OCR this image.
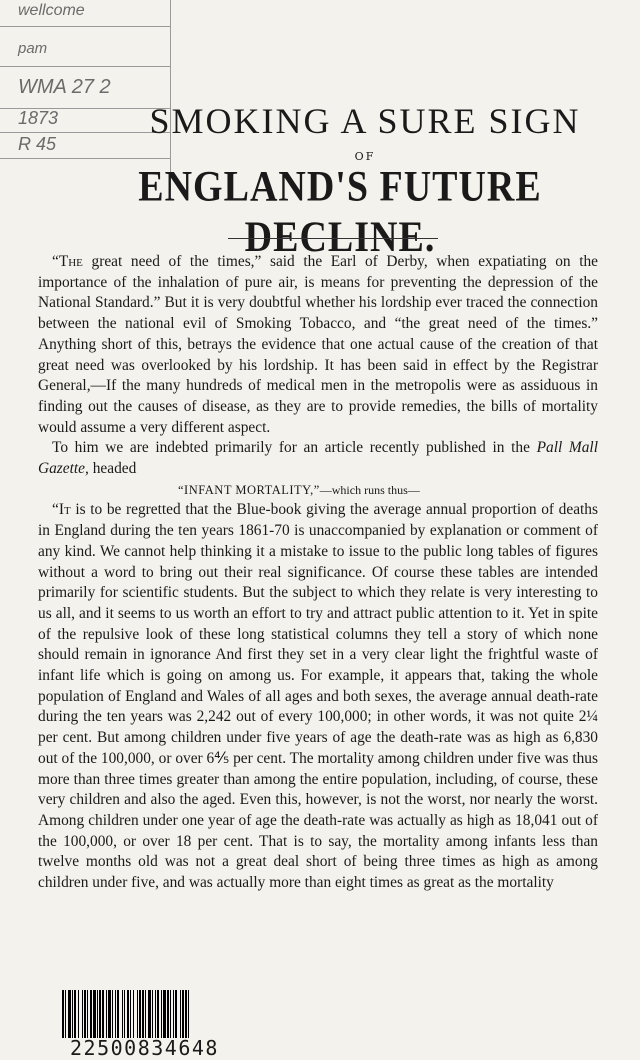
wellcome
pam
WMA 27 2
1873
R 45
SMOKING A SURE SIGN
OF
ENGLAND'S FUTURE DECLINE.

“The great need of the times,” said the Earl of Derby, when expatiating on the importance of the inhalation of pure air, is means for preventing the depression of the National Standard.” But it is very doubtful whether his lordship ever traced the connection between the national evil of Smoking Tobacco, and “the great need of the times.” Anything short of this, betrays the evidence that one actual cause of the creation of that great need was overlooked by his lordship. It has been said in effect by the Registrar General,—If the many hundreds of medical men in the metropolis were as assiduous in finding out the causes of disease, as they are to provide remedies, the bills of mortality would assume a very different aspect.

To him we are indebted primarily for an article recently published in the Pall Mall Gazette, headed

“INFANT MORTALITY,”—which runs thus—

“It is to be regretted that the Blue-book giving the average annual proportion of deaths in England during the ten years 1861-70 is unaccompanied by explanation or comment of any kind. We cannot help thinking it a mistake to issue to the public long tables of figures without a word to bring out their real significance. Of course these tables are intended primarily for scientific students. But the subject to which they relate is very interesting to us all, and it seems to us worth an effort to try and attract public attention to it. Yet in spite of the repulsive look of these long statistical columns they tell a story of which none should remain in ignorance And first they set in a very clear light the frightful waste of infant life which is going on among us. For example, it appears that, taking the whole population of England and Wales of all ages and both sexes, the average annual death-rate during the ten years was 2,242 out of every 100,000; in other words, it was not quite 2¼ per cent. But among children under five years of age the death-rate was as high as 6,830 out of the 100,000, or over 6⅘ per cent. The mortality among children under five was thus more than three times greater than among the entire population, including, of course, these very children and also the aged. Even this, however, is not the worst, nor nearly the worst. Among children under one year of age the death-rate was actually as high as 18,041 out of the 100,000, or over 18 per cent. That is to say, the mortality among infants less than twelve months old was not a great deal short of being three times as high as among children under five, and was actually more than eight times as great as the mortality

22500834648
